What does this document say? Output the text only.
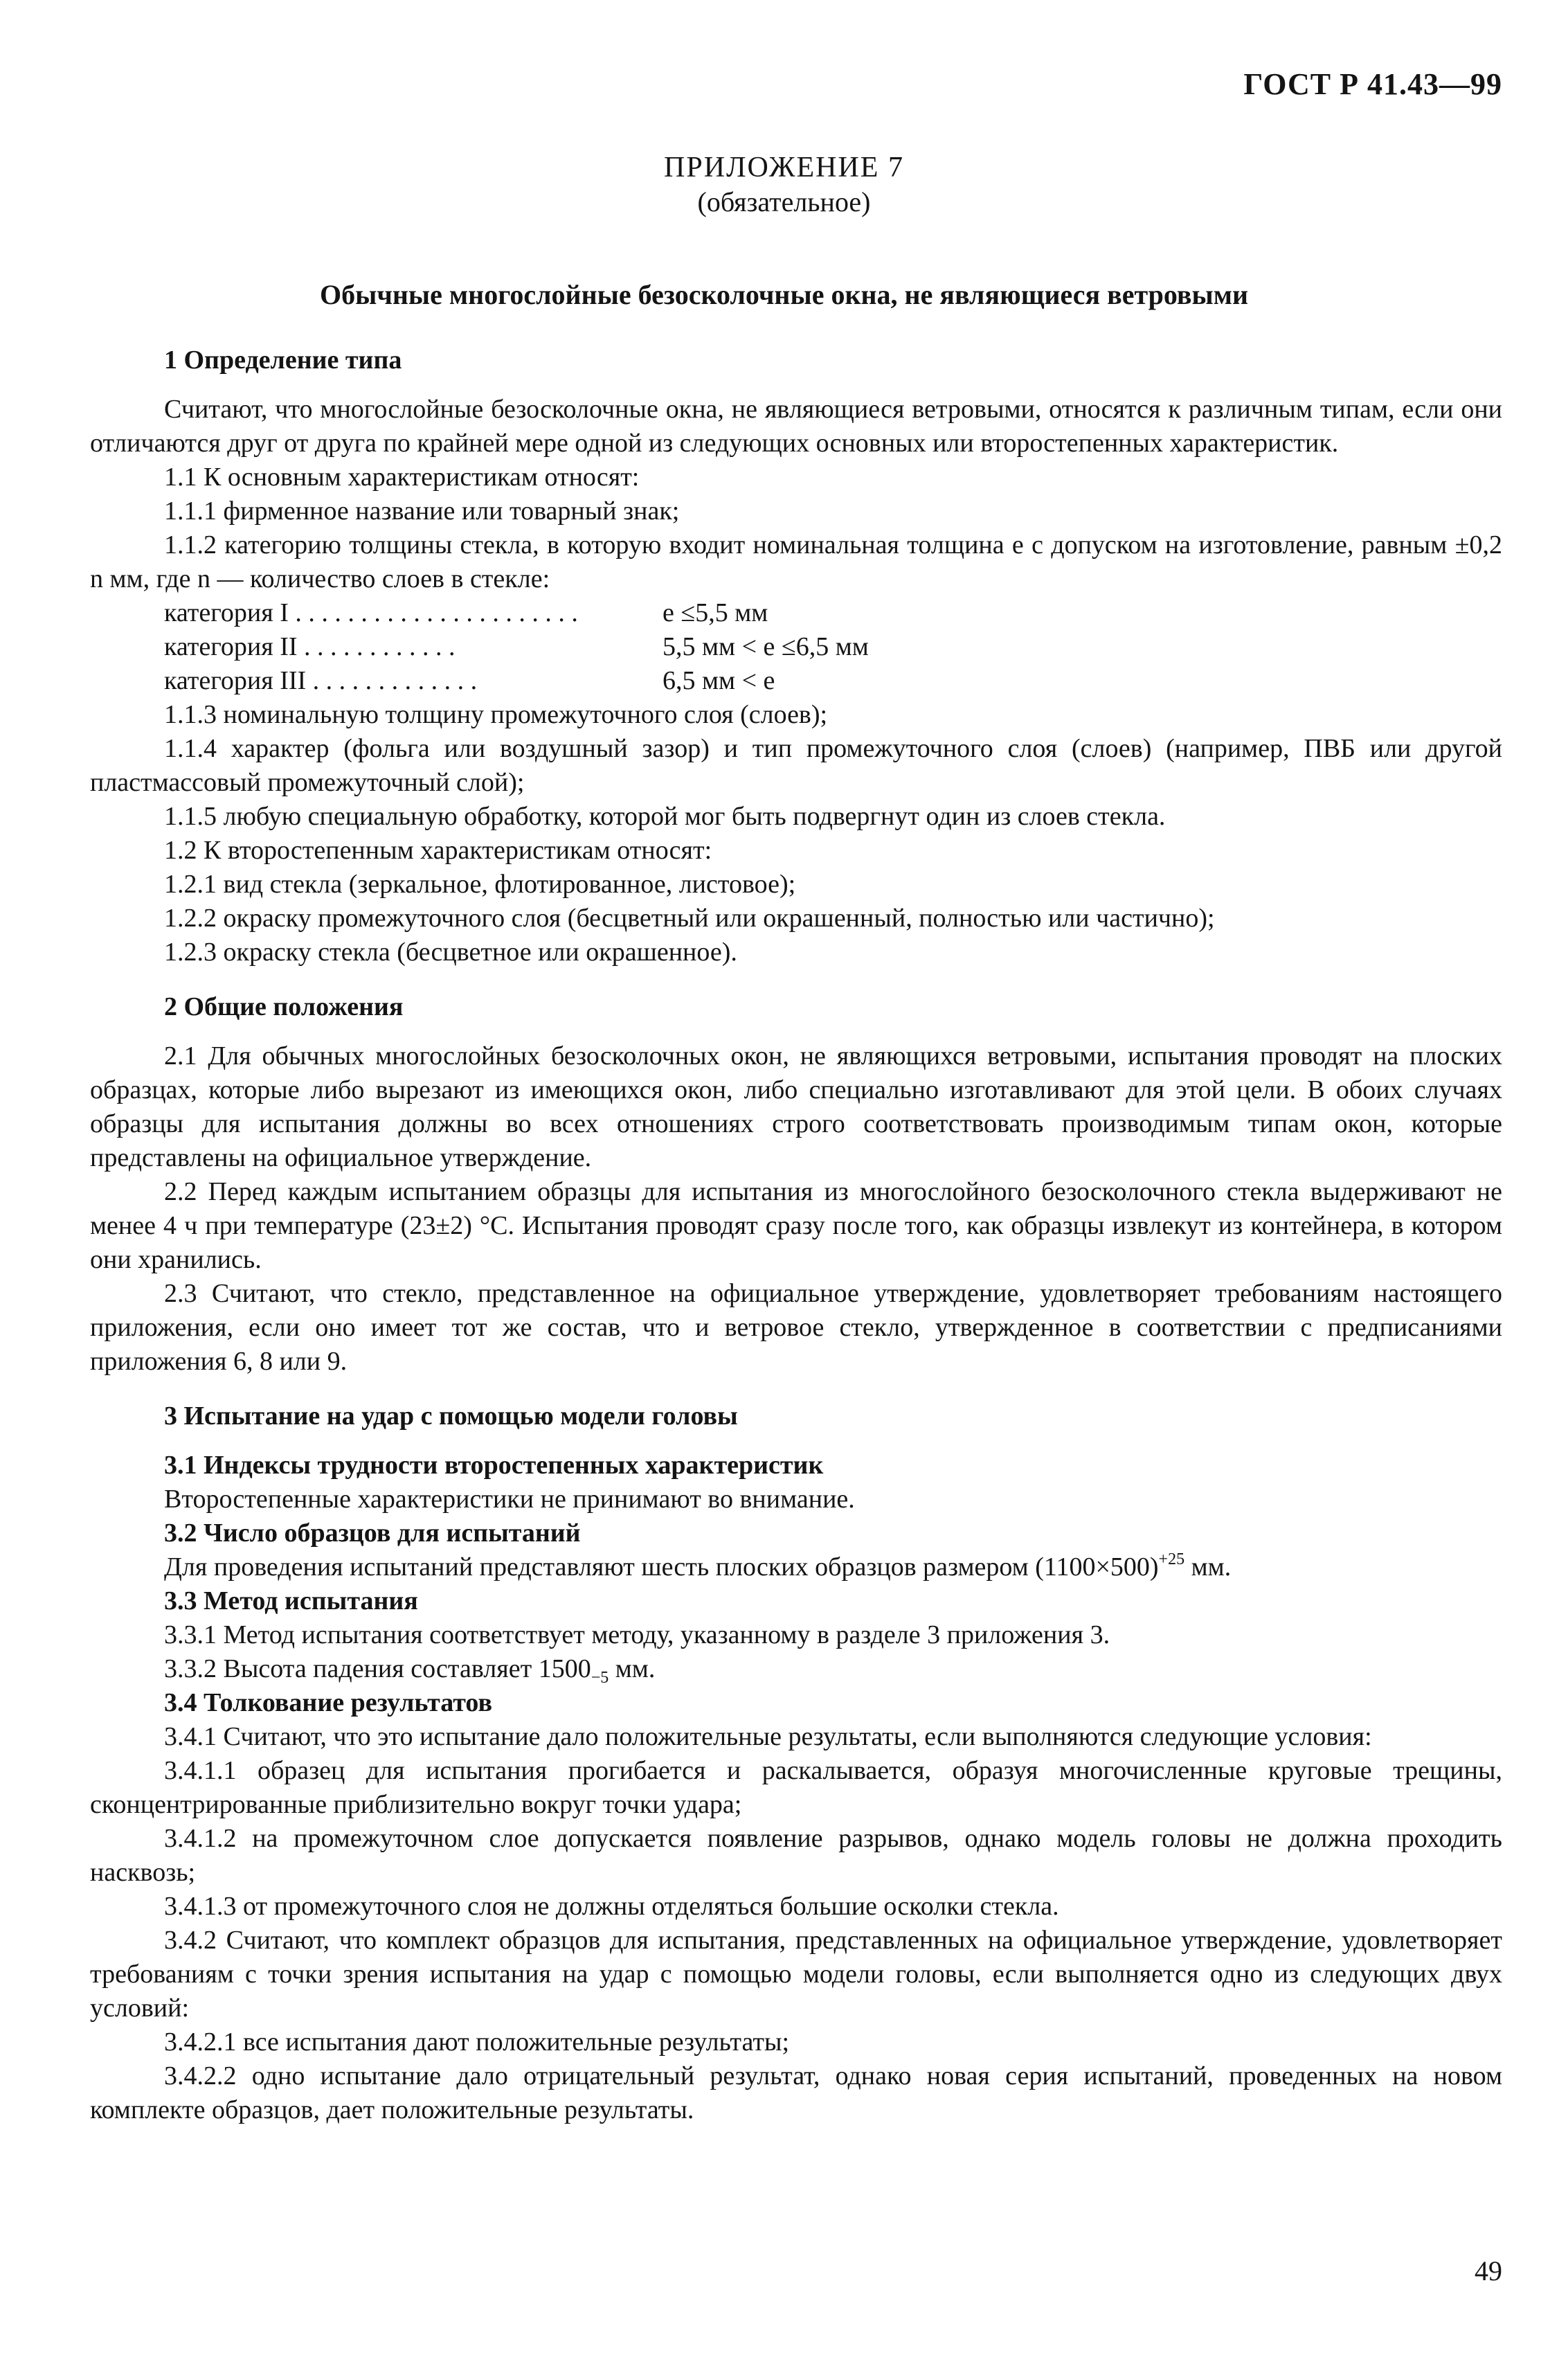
ГОСТ Р 41.43—99
ПРИЛОЖЕНИЕ 7
(обязательное)
Обычные многослойные безосколочные окна, не являющиеся ветровыми

1 Определение типа

Считают, что многослойные безосколочные окна, не являющиеся ветровыми, относятся к различным типам, если они отличаются друг от друга по крайней мере одной из следующих основных или второстепенных характеристик.

1.1 К основным характеристикам относят:

1.1.1 фирменное название или товарный знак;

1.1.2 категорию толщины стекла, в которую входит номинальная толщина e с допуском на изготовление, равным ±0,2 n мм, где n — количество слоев в стекле:

категория I . . . . . . . . . . . . . . . . . . . . . .	e ≤5,5 мм
категория II . . . . . . . . . . . .	5,5 мм < e ≤6,5 мм
категория III . . . . . . . . . . . . .	6,5 мм < e

1.1.3 номинальную толщину промежуточного слоя (слоев);

1.1.4 характер (фольга или воздушный зазор) и тип промежуточного слоя (слоев) (например, ПВБ или другой пластмассовый промежуточный слой);

1.1.5 любую специальную обработку, которой мог быть подвергнут один из слоев стекла.

1.2 К второстепенным характеристикам относят:

1.2.1 вид стекла (зеркальное, флотированное, листовое);

1.2.2 окраску промежуточного слоя (бесцветный или окрашенный, полностью или частично);

1.2.3 окраску стекла (бесцветное или окрашенное).

2 Общие положения

2.1 Для обычных многослойных безосколочных окон, не являющихся ветровыми, испытания проводят на плоских образцах, которые либо вырезают из имеющихся окон, либо специально изготавливают для этой цели. В обоих случаях образцы для испытания должны во всех отношениях строго соответствовать производимым типам окон, которые представлены на официальное утверждение.

2.2 Перед каждым испытанием образцы для испытания из многослойного безосколочного стекла выдерживают не менее 4 ч при температуре (23±2) °С. Испытания проводят сразу после того, как образцы извлекут из контейнера, в котором они хранились.

2.3 Считают, что стекло, представленное на официальное утверждение, удовлетворяет требованиям настоящего приложения, если оно имеет тот же состав, что и ветровое стекло, утвержденное в соответствии с предписаниями приложения 6, 8 или 9.

3 Испытание на удар с помощью модели головы

3.1 Индексы трудности второстепенных характеристик

Второстепенные характеристики не принимают во внимание.

3.2 Число образцов для испытаний

Для проведения испытаний представляют шесть плоских образцов размером $(1100\times 500)^{+25}$ мм.

3.3 Метод испытания

3.3.1 Метод испытания соответствует методу, указанному в разделе 3 приложения 3.

3.3.2 Высота падения составляет $1500_{-5}$ мм.

3.4 Толкование результатов

3.4.1 Считают, что это испытание дало положительные результаты, если выполняются следующие условия:

3.4.1.1 образец для испытания прогибается и раскалывается, образуя многочисленные круговые трещины, сконцентрированные приблизительно вокруг точки удара;

3.4.1.2 на промежуточном слое допускается появление разрывов, однако модель головы не должна проходить насквозь;

3.4.1.3 от промежуточного слоя не должны отделяться большие осколки стекла.

3.4.2 Считают, что комплект образцов для испытания, представленных на официальное утверждение, удовлетворяет требованиям с точки зрения испытания на удар с помощью модели головы, если выполняется одно из следующих двух условий:

3.4.2.1 все испытания дают положительные результаты;

3.4.2.2 одно испытание дало отрицательный результат, однако новая серия испытаний, проведенных на новом комплекте образцов, дает положительные результаты.

49
